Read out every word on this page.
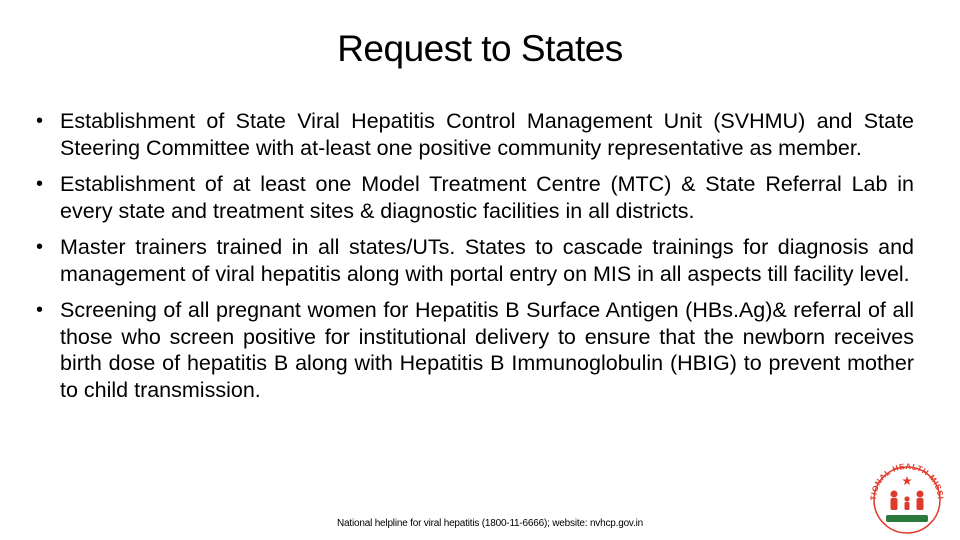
Request to States
• Establishment of State Viral Hepatitis Control Management Unit (SVHMU) and State Steering Committee with at-least one positive community representative as member.
• Establishment of at least one Model Treatment Centre (MTC) & State Referral Lab in every state and treatment sites & diagnostic facilities in all districts.
• Master trainers trained in all states/UTs. States to cascade trainings for diagnosis and management of viral hepatitis along with portal entry on MIS in all aspects till facility level.
• Screening of all pregnant women for Hepatitis B Surface Antigen (HBs.Ag)& referral of all those who screen positive for institutional delivery to ensure that the newborn receives birth dose of hepatitis B along with Hepatitis B Immunoglobulin (HBIG) to prevent mother to child transmission.
National helpline for viral hepatitis (1800-11-6666); website: nvhcp.gov.in
TIONAL HEALTH MISSI
